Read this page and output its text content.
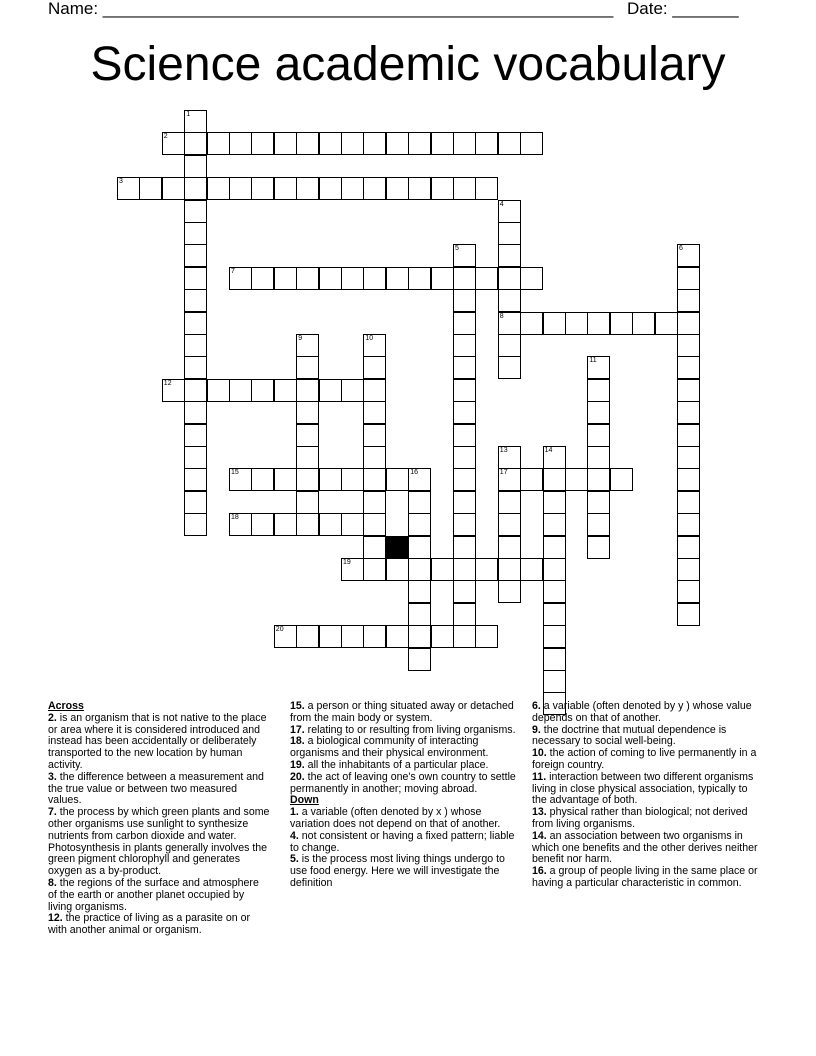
Name: ______________________________________________________ Date: _______
Science academic vocabulary
1
2
3
4
8
5	6
7
9	10
11
12
13
17
14
15	16
18
19
20
Across
2. is an organism that is not native to the place or area where it is considered introduced and instead has been accidentally or deliberately transported to the new location by human activity.
3. the difference between a measurement and the true value or between two measured values.
7. the process by which green plants and some other organisms use sunlight to synthesize nutrients from carbon dioxide and water. Photosynthesis in plants generally involves the green pigment chlorophyll and generates oxygen as a by-product.
8. the regions of the surface and atmosphere of the earth or another planet occupied by living organisms.
12. the practice of living as a parasite on or with another animal or organism.
15. a person or thing situated away or detached from the main body or system.
17. relating to or resulting from living organisms.
18. a biological community of interacting organisms and their physical environment.
19. all the inhabitants of a particular place.
20. the act of leaving one's own country to settle permanently in another; moving abroad.
Down
1. a variable (often denoted by x ) whose variation does not depend on that of another.
4. not consistent or having a fixed pattern; liable to change.
5. is the process most living things undergo to use food energy. Here we will investigate the definition
6. a variable (often denoted by y ) whose value depends on that of another.
9. the doctrine that mutual dependence is necessary to social well-being.
10. the action of coming to live permanently in a foreign country.
11. interaction between two different organisms living in close physical association, typically to the advantage of both.
13. physical rather than biological; not derived from living organisms.
14. an association between two organisms in which one benefits and the other derives neither benefit nor harm.
16. a group of people living in the same place or having a particular characteristic in common.
